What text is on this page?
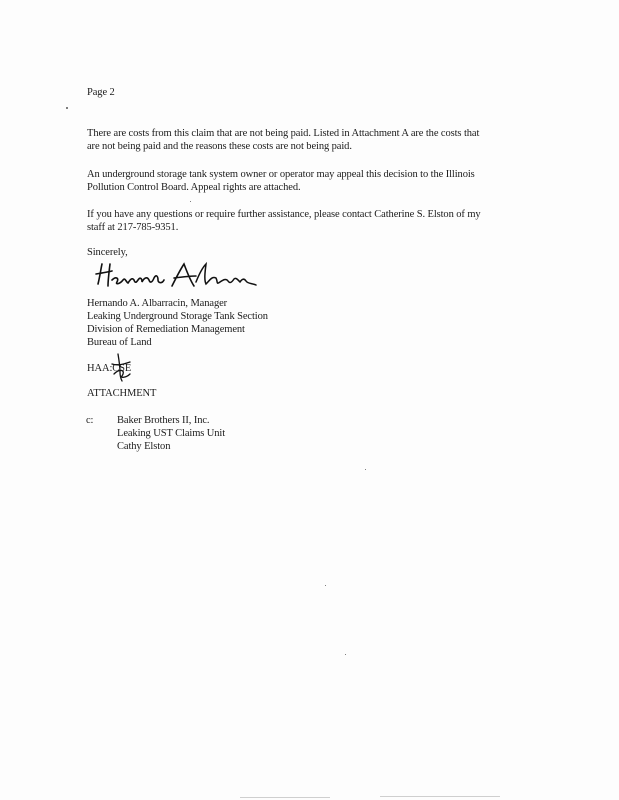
Page 2
There are costs from this claim that are not being paid. Listed in Attachment A are the costs that
are not being paid and the reasons these costs are not being paid.
An underground storage tank system owner or operator may appeal this decision to the Illinois
Pollution Control Board. Appeal rights are attached.
If you have any questions or require further assistance, please contact Catherine S. Elston of my
staff at 217-785-9351.
Sincerely,
Hernando A. Albarracin, Manager
Leaking Underground Storage Tank Section
Division of Remediation Management
Bureau of Land
HAA:CSE
ATTACHMENT
c: Baker Brothers II, Inc.
Leaking UST Claims Unit
Cathy Elston
